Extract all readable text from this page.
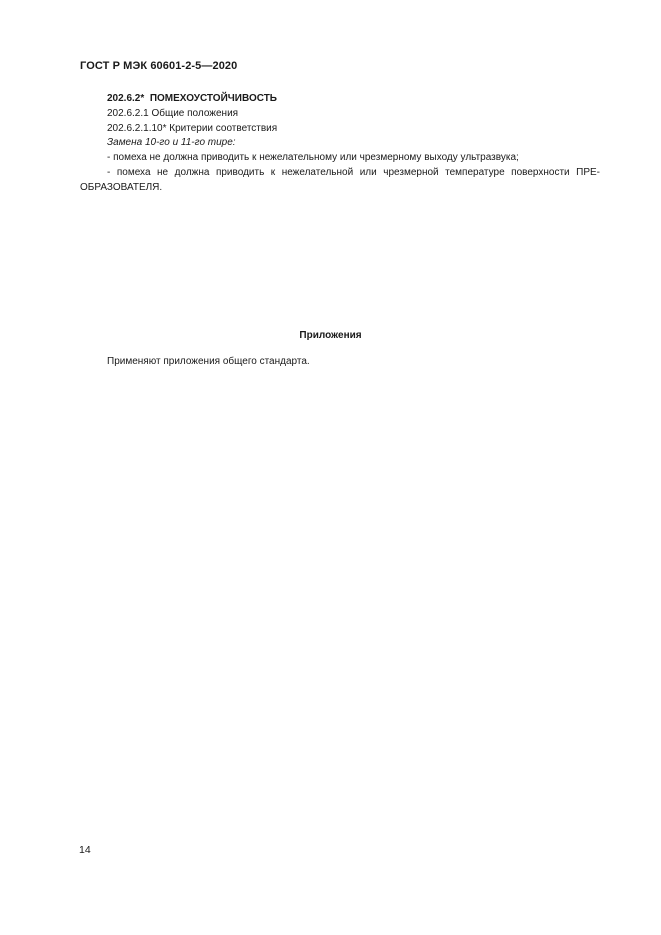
ГОСТ Р МЭК 60601-2-5—2020
202.6.2* ПОМЕХОУСТОЙЧИВОСТЬ
202.6.2.1 Общие положения
202.6.2.1.10* Критерии соответствия
Замена 10-го и 11-го тире:
- помеха не должна приводить к нежелательному или чрезмерному выходу ультразвука;
- помеха не должна приводить к нежелательной или чрезмерной температуре поверхности ПРЕ-
ОБРАЗОВАТЕЛЯ.
Приложения
Применяют приложения общего стандарта.
14
